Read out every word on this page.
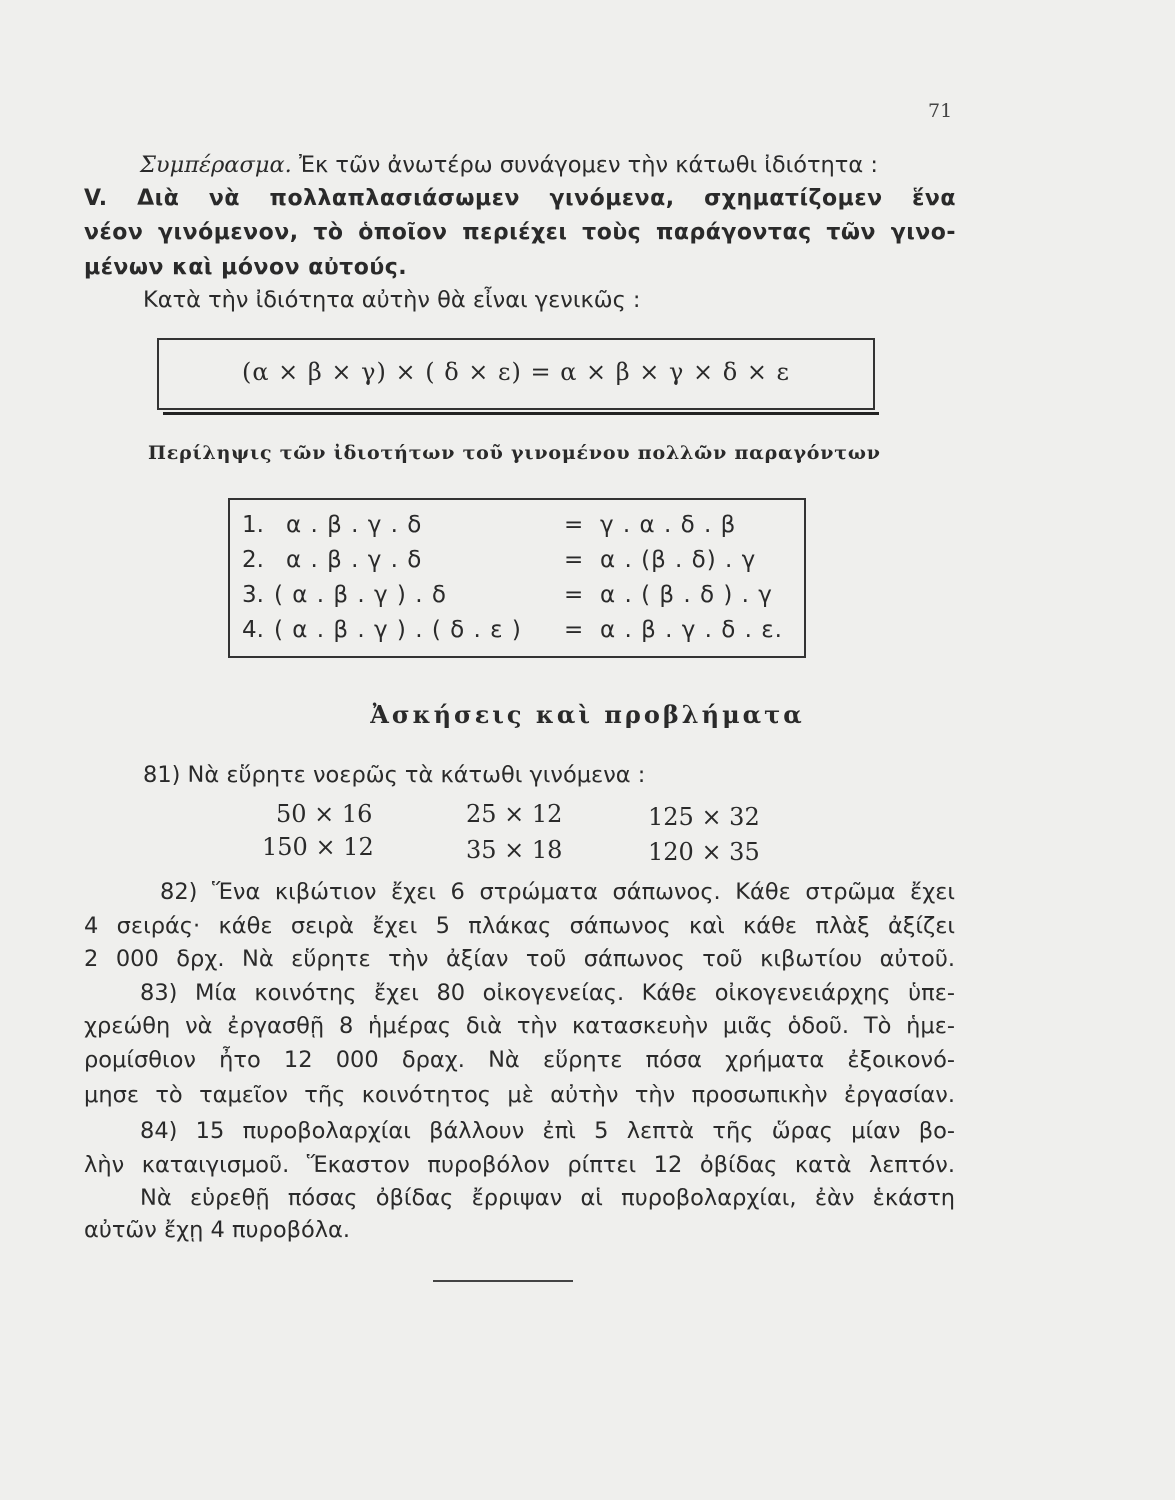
71
Συμπέρασμα. Ἐκ τῶν ἀνωτέρω συνάγομεν τὴν κάτωθι ἰδιότητα :
V. Διὰ νὰ πολλαπλασιάσωμεν γινόμενα, σχηματίζομεν ἕνα
νέον γινόμενον, τὸ ὁποῖον περιέχει τοὺς παράγοντας τῶν γινο-
μένων καὶ μόνον αὐτούς.
Κατὰ τὴν ἰδιότητα αὐτὴν θὰ εἶναι γενικῶς :
(α × β × γ) × ( δ × ε) = α × β × γ × δ × ε
Περίληψις τῶν ἰδιοτήτων τοῦ γινομένου πολλῶν παραγόντων
1. α . β . γ . δ	= γ . α . δ . β
2. α . β . γ . δ	= α . (β . δ) . γ
3. ( α . β . γ ) . δ	= α . ( β . δ ) . γ
4. ( α . β . γ ) . ( δ . ε ) = α . β . γ . δ . ε.
Ἀσκήσεις καὶ προβλήματα
81) Νὰ εὕρητε νοερῶς τὰ κάτωθι γινόμενα :
50 × 16	25 × 12	125 × 32
150 × 12	35 × 18	120 × 35
82) Ἕνα κιβώτιον ἔχει 6 στρώματα σάπωνος. Κάθε στρῶμα ἔχει
4 σειράς· κάθε σειρὰ ἔχει 5 πλάκας σάπωνος καὶ κάθε πλὰξ ἀξίζει
2 000 δρχ. Νὰ εὕρητε τὴν ἀξίαν τοῦ σάπωνος τοῦ κιβωτίου αὐτοῦ.
83) Μία κοινότης ἔχει 80 οἰκογενείας. Κάθε οἰκογενειάρχης ὑπε-
χρεώθη νὰ ἐργασθῇ 8 ἡμέρας διὰ τὴν κατασκευὴν μιᾶς ὁδοῦ. Τὸ ἡμε-
ρομίσθιον ἦτο 12 000 δραχ. Νὰ εὕρητε πόσα χρήματα ἐξοικονό-
μησε τὸ ταμεῖον τῆς κοινότητος μὲ αὐτὴν τὴν προσωπικὴν ἐργασίαν.
84) 15 πυροβολαρχίαι βάλλουν ἐπὶ 5 λεπτὰ τῆς ὥρας μίαν βο-
λὴν καταιγισμοῦ. Ἕκαστον πυροβόλον ρίπτει 12 ὀβίδας κατὰ λεπτόν.
Νὰ εὑρεθῇ πόσας ὀβίδας ἔρριψαν αἱ πυροβολαρχίαι, ἐὰν ἑκάστη
αὐτῶν ἔχῃ 4 πυροβόλα.
